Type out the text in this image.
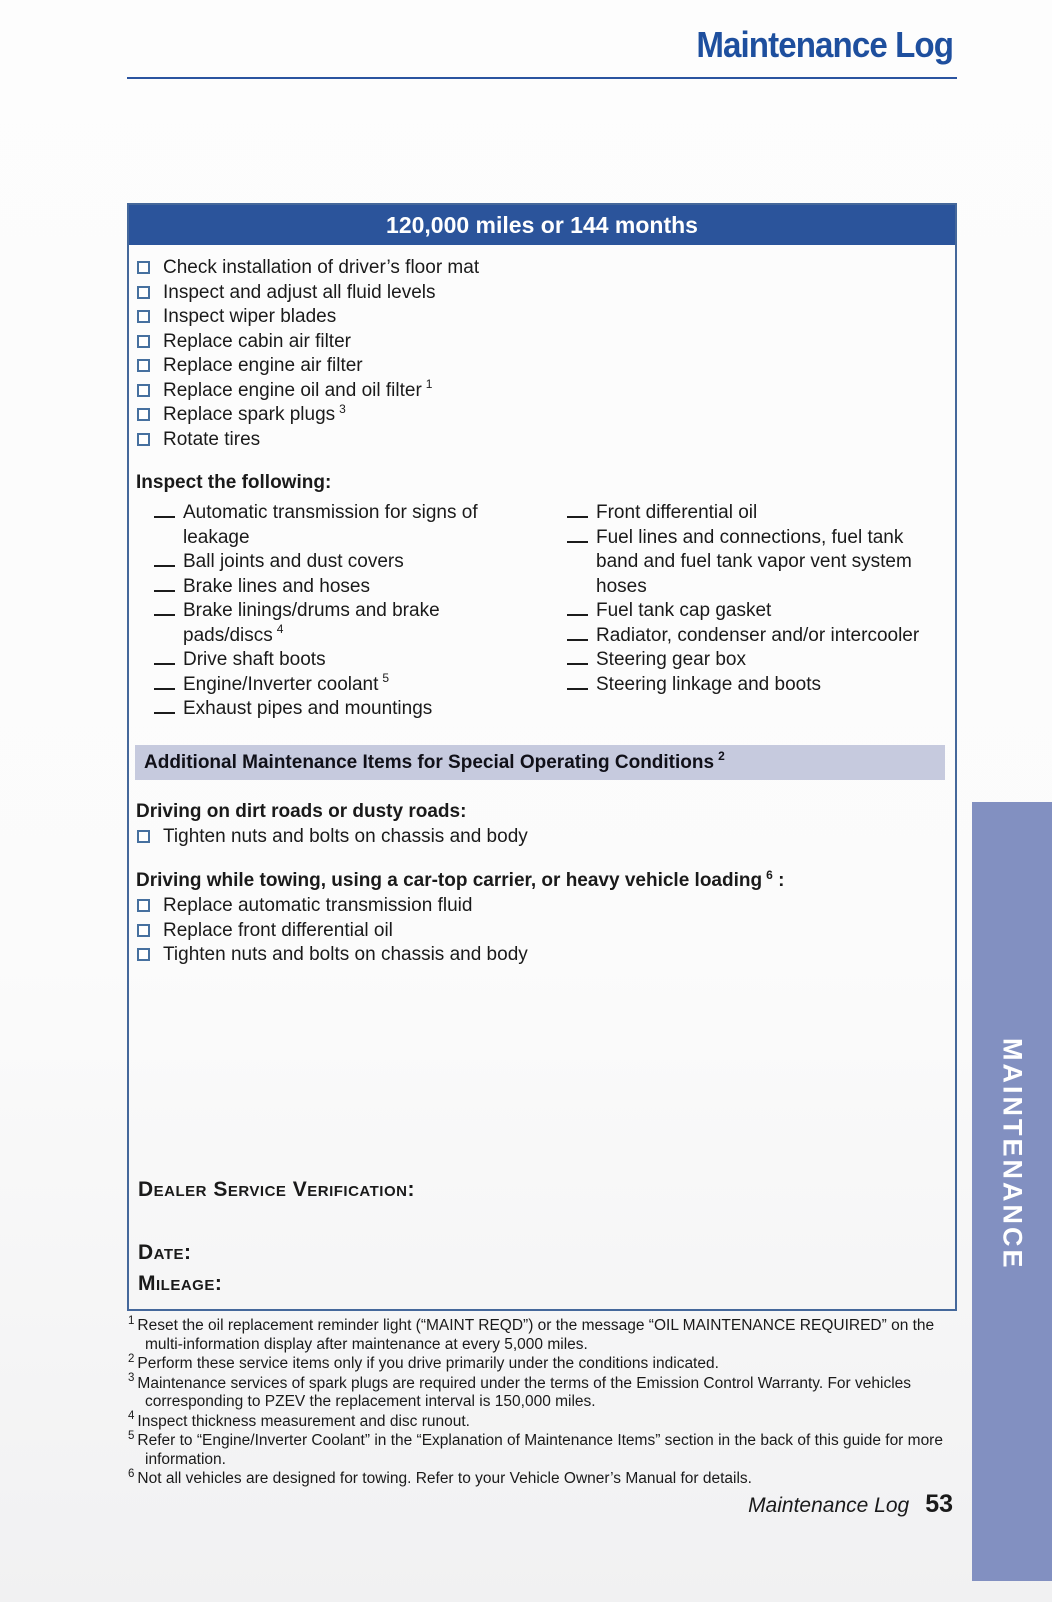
Maintenance Log
120,000 miles or 144 months
Check installation of driver’s floor mat
Inspect and adjust all fluid levels
Inspect wiper blades
Replace cabin air filter
Replace engine air filter
Replace engine oil and oil filter $^1$
Replace spark plugs $^3$
Rotate tires
Inspect the following:
Automatic transmission for signs of leakage
Ball joints and dust covers
Brake lines and hoses
Brake linings/drums and brake pads/discs $^4$
Drive shaft boots
Engine/Inverter coolant $^5$
Exhaust pipes and mountings
Front differential oil
Fuel lines and connections, fuel tank band and fuel tank vapor vent system hoses
Fuel tank cap gasket
Radiator, condenser and/or intercooler
Steering gear box
Steering linkage and boots
Additional Maintenance Items for Special Operating Conditions $^2$
Driving on dirt roads or dusty roads:
Tighten nuts and bolts on chassis and body
Driving while towing, using a car-top carrier, or heavy vehicle loading $^6$ :
Replace automatic transmission fluid
Replace front differential oil
Tighten nuts and bolts on chassis and body
Dealer Service Verification:
Date:
Mileage:
$^1$ Reset the oil replacement reminder light (“MAINT REQD”) or the message “OIL MAINTENANCE REQUIRED” on the multi-information display after maintenance at every 5,000 miles.
$^2$ Perform these service items only if you drive primarily under the conditions indicated.
$^3$ Maintenance services of spark plugs are required under the terms of the Emission Control Warranty. For vehicles corresponding to PZEV the replacement interval is 150,000 miles.
$^4$ Inspect thickness measurement and disc runout.
$^5$ Refer to “Engine/Inverter Coolant” in the “Explanation of Maintenance Items” section in the back of this guide for more information.
$^6$ Not all vehicles are designed for towing. Refer to your Vehicle Owner’s Manual for details.
Maintenance Log 53
MAINTENANCE
